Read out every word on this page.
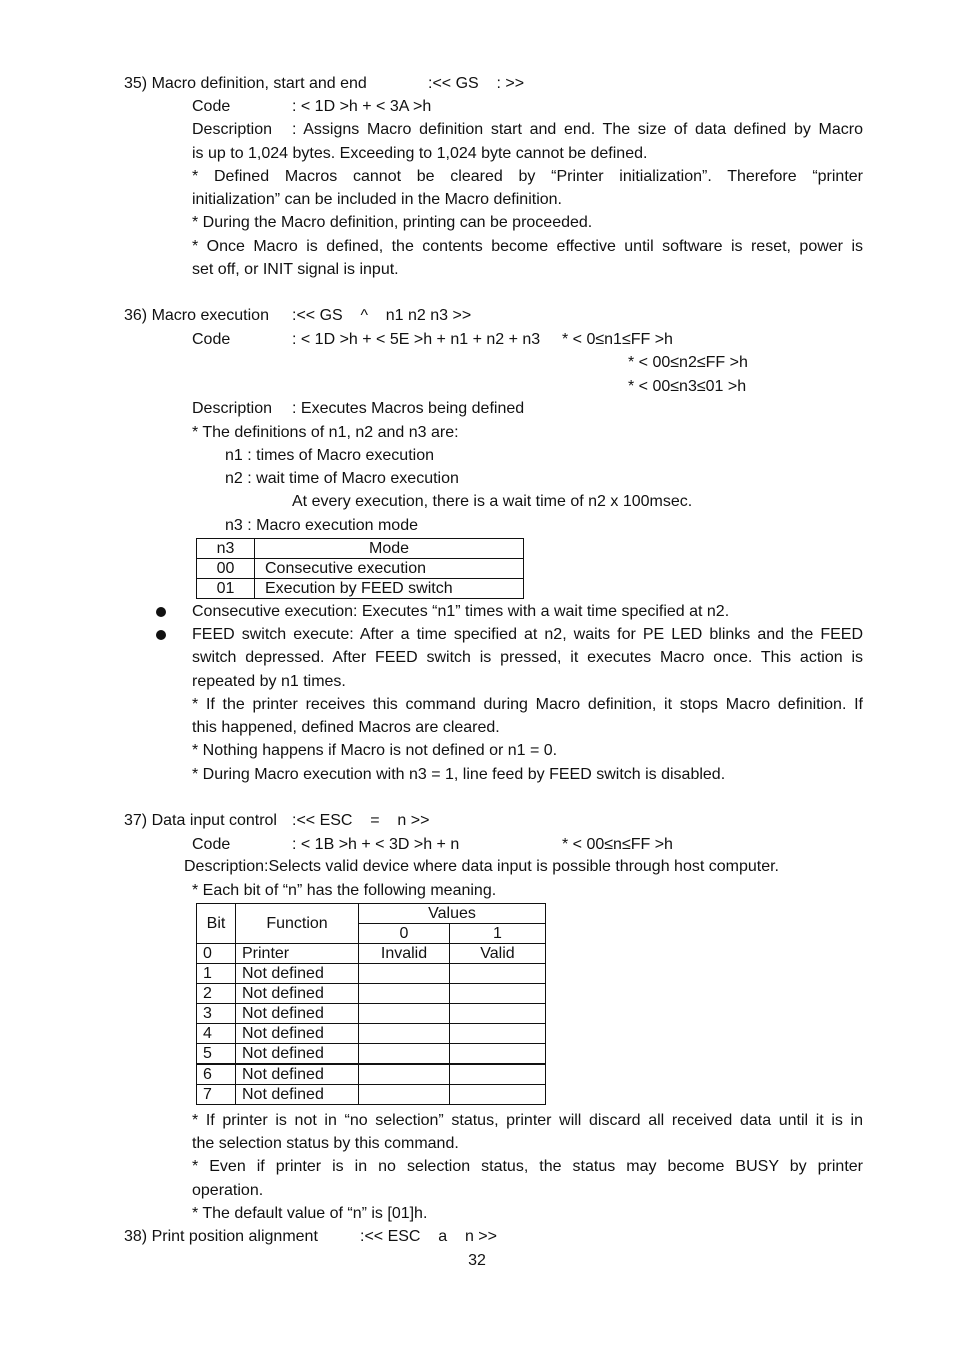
35) Macro definition, start and end	:<< GS    : >>
Code	: < 1D >h + < 3A >h
Description : Assigns Macro definition start and end. The size of data defined by Macro
is up to 1,024 bytes. Exceeding to 1,024 byte cannot be defined.
* Defined Macros cannot be cleared by “Printer initialization”. Therefore “printer
initialization” can be included in the Macro definition.
* During the Macro definition, printing can be proceeded.
* Once Macro is defined, the contents become effective until software is reset, power is
set off, or INIT signal is input.
36) Macro execution :<< GS    ^    n1 n2 n3 >>
Code	: < 1D >h + < 5E >h + n1 + n2 + n3 * < 0≤n1≤FF >h
* < 00≤n2≤FF >h
* < 00≤n3≤01 >h
Description : Executes Macros being defined
* The definitions of n1, n2 and n3 are:
n1 : times of Macro execution
n2 : wait time of Macro execution
At every execution, there is a wait time of n2 x 100msec.
n3 : Macro execution mode
n3	Mode
00	Consecutive execution
01	Execution by FEED switch
Consecutive execution: Executes “n1” times with a wait time specified at n2.
FEED switch execute: After a time specified at n2, waits for PE LED blinks and the FEED
switch depressed. After FEED switch is pressed, it executes Macro once. This action is
repeated by n1 times.
* If the printer receives this command during Macro definition, it stops Macro definition. If
this happened, defined Macros are cleared.
* Nothing happens if Macro is not defined or n1 = 0.
* During Macro execution with n3 = 1, line feed by FEED switch is disabled.
37) Data input control :<< ESC    =    n >>
Code	: < 1B >h + < 3D >h + n	* < 00≤n≤FF >h
Description:Selects valid device where data input is possible through host computer.
* Each bit of “n” has the following meaning.
Bit	Function	Values	
		0	1
0	Printer	Invalid	Valid
1	Not defined		
2	Not defined		
3	Not defined		
4	Not defined		
5	Not defined		
6	Not defined		
7	Not defined		
* If printer is not in “no selection” status, printer will discard all received data until it is in
the selection status by this command.
* Even if printer is in no selection status, the status may become BUSY by printer
operation.
* The default value of “n” is [01]h.
38) Print position alignment	:<< ESC    a    n >>
32
